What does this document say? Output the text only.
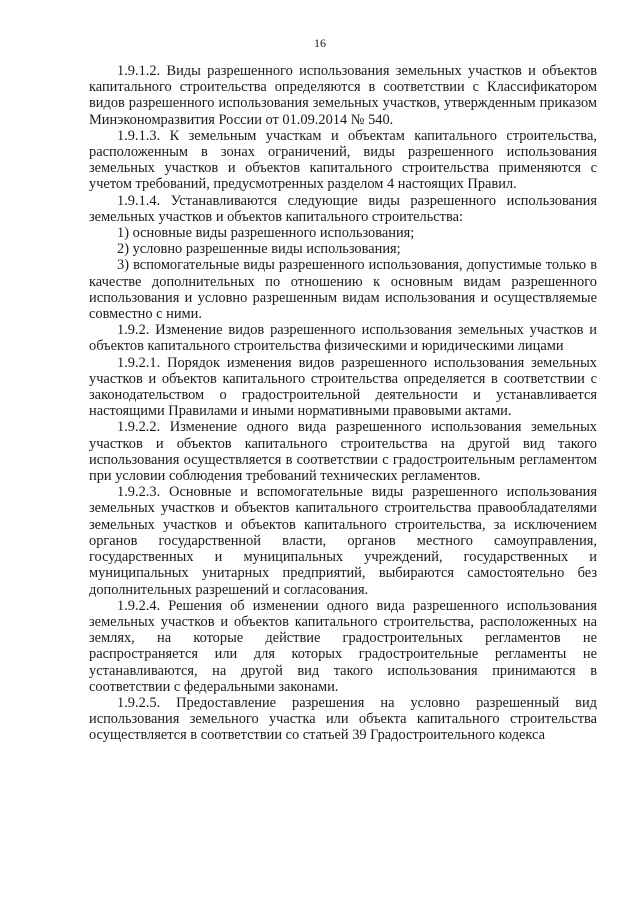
16

1.9.1.2. Виды разрешенного использования земельных участков и объектов капитального строительства определяются в соответствии с Классификатором видов разрешенного использования земельных участков, утвержденным приказом Минэкономразвития России от 01.09.2014 № 540.

1.9.1.3. К земельным участкам и объектам капитального строительства, расположенным в зонах ограничений, виды разрешенного использования земельных участков и объектов капитального строительства применяются с учетом требований, предусмотренных разделом 4 настоящих Правил.

1.9.1.4. Устанавливаются следующие виды разрешенного использования земельных участков и объектов капитального строительства:

1) основные виды разрешенного использования;

2) условно разрешенные виды использования;

3) вспомогательные виды разрешенного использования, допустимые только в качестве дополнительных по отношению к основным видам разрешенного использования и условно разрешенным видам использования и осуществляемые совместно с ними.

1.9.2. Изменение видов разрешенного использования земельных участков и объектов капитального строительства физическими и юридическими лицами

1.9.2.1. Порядок изменения видов разрешенного использования земельных участков и объектов капитального строительства определяется в соответствии с законодательством о градостроительной деятельности и устанавливается настоящими Правилами и иными нормативными правовыми актами.

1.9.2.2. Изменение одного вида разрешенного использования земельных участков и объектов капитального строительства на другой вид такого использования осуществляется в соответствии с градостроительным регламентом при условии соблюдения требований технических регламентов.

1.9.2.3. Основные и вспомогательные виды разрешенного использования земельных участков и объектов капитального строительства правообладателями земельных участков и объектов капитального строительства, за исключением органов государственной власти, органов местного самоуправления, государственных и муниципальных учреждений, государственных и муниципальных унитарных предприятий, выбираются самостоятельно без дополнительных разрешений и согласования.

1.9.2.4. Решения об изменении одного вида разрешенного использования земельных участков и объектов капитального строительства, расположенных на землях, на которые действие градостроительных регламентов не распространяется или для которых градостроительные регламенты не устанавливаются, на другой вид такого использования принимаются в соответствии с федеральными законами.

1.9.2.5. Предоставление разрешения на условно разрешенный вид использования земельного участка или объекта капитального строительства осуществляется в соответствии со статьей 39 Градостроительного кодекса
